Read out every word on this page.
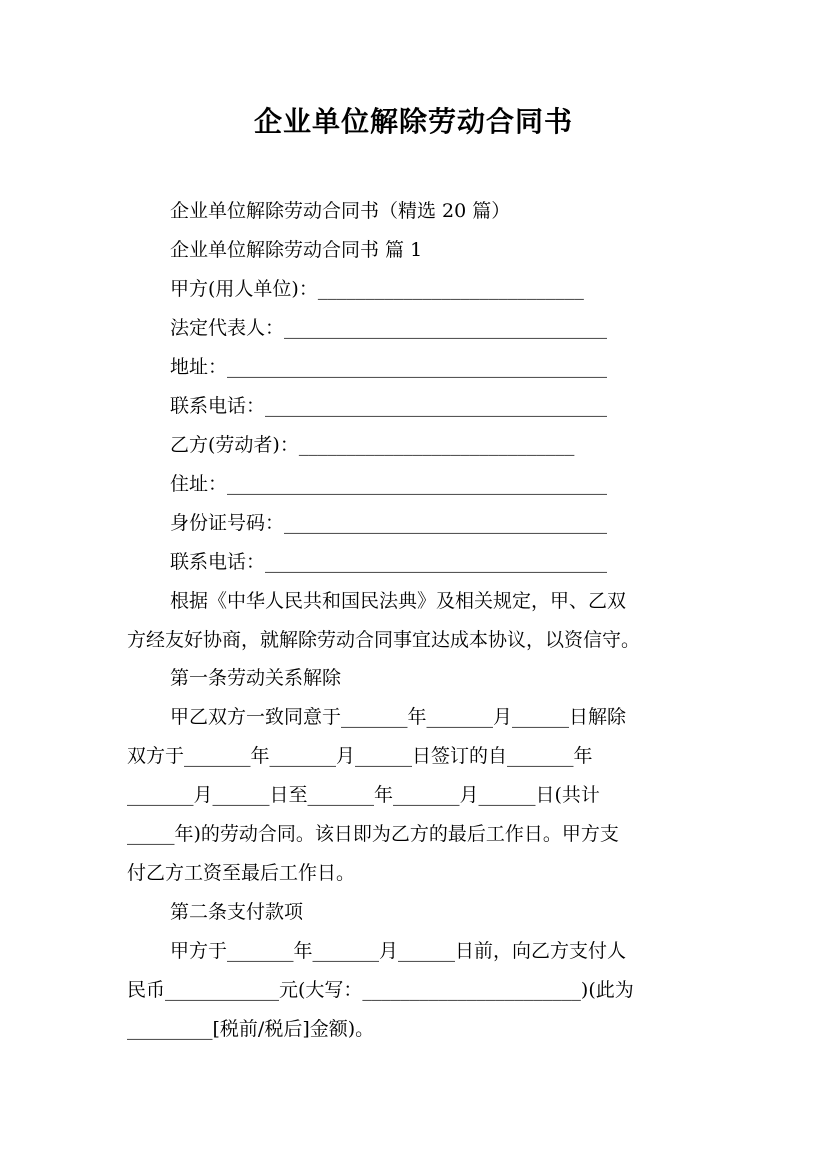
企业单位解除劳动合同书
企业单位解除劳动合同书（精选 20 篇）
企业单位解除劳动合同书 篇 1
甲方(用人单位)：____________________________
法定代表人：__________________________________
地址：________________________________________
联系电话：____________________________________
乙方(劳动者)：_____________________________
住址：________________________________________
身份证号码：__________________________________
联系电话：____________________________________
根据《中华人民共和国民法典》及相关规定，甲、乙双
方经友好协商，就解除劳动合同事宜达成本协议，以资信守。
第一条劳动关系解除
甲乙双方一致同意于_______年_______月______日解除
双方于_______年_______月______日签订的自_______年
_______月______日至_______年_______月______日(共计
_____年)的劳动合同。该日即为乙方的最后工作日。甲方支
付乙方工资至最后工作日。
第二条支付款项
甲方于_______年_______月______日前，向乙方支付人
民币____________元(大写：_______________________)(此为
_________[税前/税后]金额)。
